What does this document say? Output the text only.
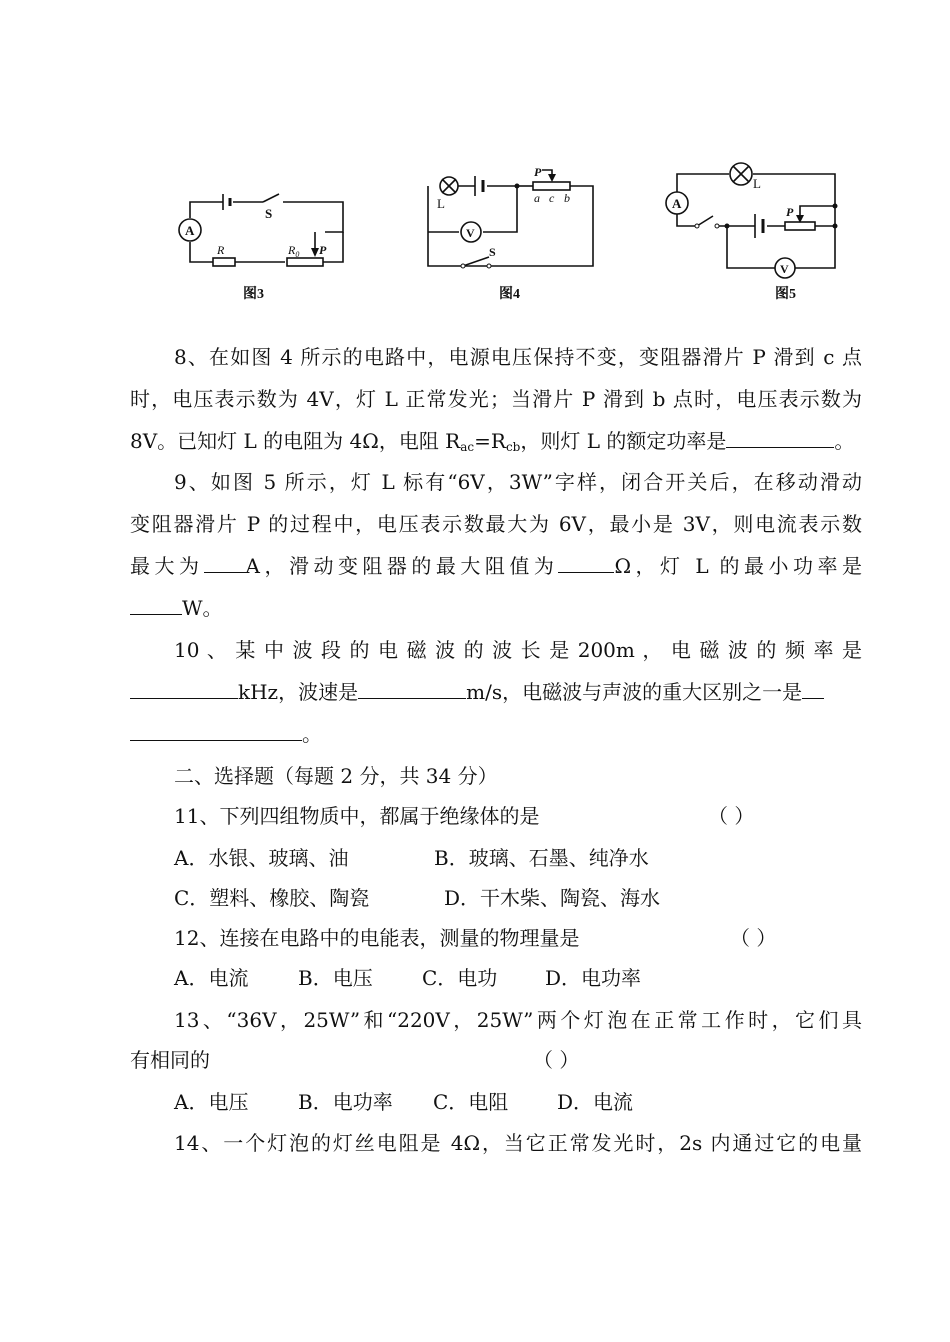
A
S
R	$R_0$ P
图3
V
L
S
P
a c b
图4
A
L
P
V
图5
8、在如图 4 所示的电路中，电源电压保持不变，变阻器滑片 P 滑到 c 点
时，电压表示数为 4V，灯 L 正常发光；当滑片 P 滑到 b 点时，电压表示数为
8V。已知灯 L 的电阻为 4Ω，电阻 $R_{ac}=R_{cb}$，则灯 L 的额定功率是	。
9、如图 5 所示，灯 L 标有“6V，3W”字样，闭合开关后，在移动滑动
变阻器滑片 P 的过程中，电压表示数最大为 6V，最小是 3V，则电流表示数
最大为 A，滑动变阻器的最大阻值为	Ω，灯 L 的最小功率是
W。
10 、 某 中 波 段 的 电 磁 波 的 波 长 是 200m ， 电 磁 波 的 频 率 是
kHz，波速是	m/s，电磁波与声波的重大区别之一是
。
二、选择题（每题 2 分，共 34 分）
11、下列四组物质中，都属于绝缘体的是	（ ）
A．水银、玻璃、油	B．玻璃、石墨、纯净水
C．塑料、橡胶、陶瓷	D．干木柴、陶瓷、海水
12、连接在电路中的电能表，测量的物理量是	（ ）
A．电流 B．电压 C．电功 D．电功率
13、“36V，25W”和“220V，25W”两个灯泡在正常工作时，它们具
有相同的	（ ）
A．电压 B．电功率 C．电阻 D．电流
14、一个灯泡的灯丝电阻是 4Ω，当它正常发光时，2s 内通过它的电量
